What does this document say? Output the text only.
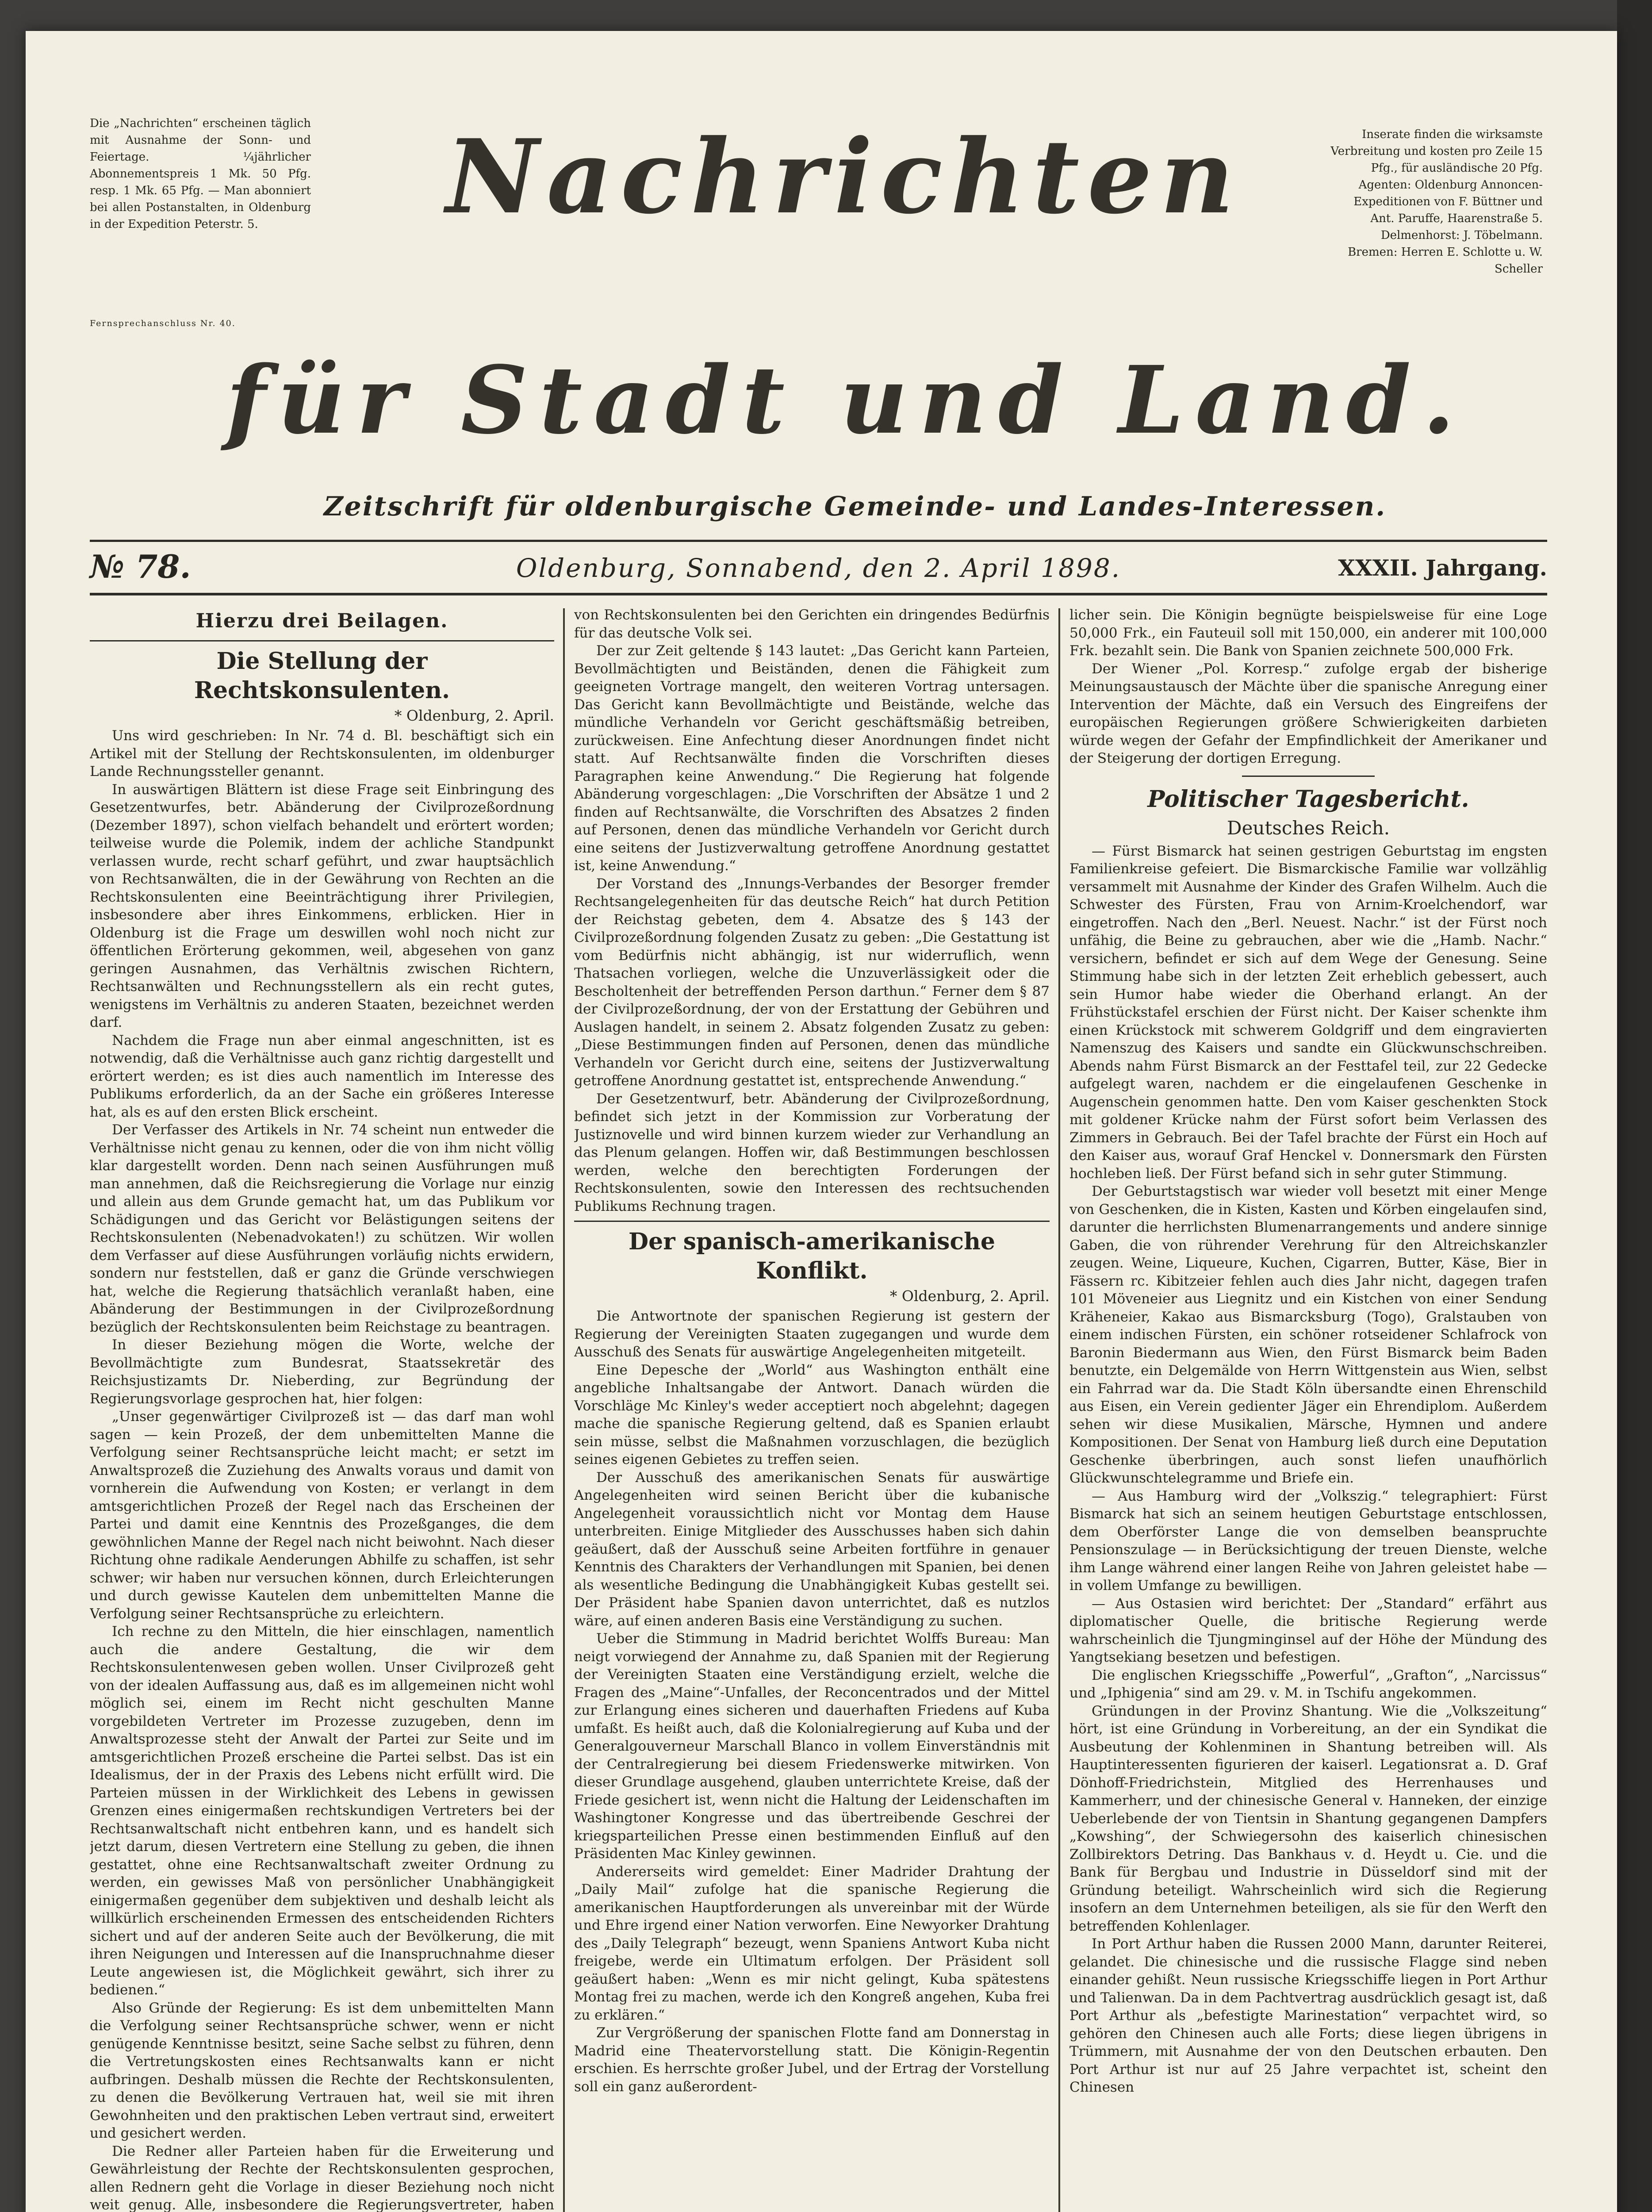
Die „Nachrichten“ erscheinen täglich mit Ausnahme der Sonn- und Feiertage. ¼jährlicher Abonnementspreis 1 Mk. 50 Pfg. resp. 1 Mk. 65 Pfg. — Man abonniert bei allen Postanstalten, in Oldenburg in der Expedition Peterstr. 5.
Fernsprechanschluss Nr. 40.
Inserate finden die wirksamste Verbreitung und kosten pro Zeile 15 Pfg., für ausländische 20 Pfg. Agenten: Oldenburg Annoncen-Expeditionen von F. Büttner und Ant. Paruffe, Haarenstraße 5. Delmenhorst: J. Töbelmann. Bremen: Herren E. Schlotte u. W. Scheller
Nachrichten
für Stadt und Land.
Zeitschrift für oldenburgische Gemeinde- und Landes-Interessen.
№ 78.	Oldenburg, Sonnabend, den 2. April 1898.	XXXII. Jahrgang.
Hierzu drei Beilagen.
Die Stellung der Rechtskonsulenten.
* Oldenburg, 2. April.

Uns wird geschrieben: In Nr. 74 d. Bl. beschäftigt sich ein Artikel mit der Stellung der Rechtskonsulenten, im oldenburger Lande Rechnungssteller genannt.

In auswärtigen Blättern ist diese Frage seit Einbringung des Gesetzentwurfes, betr. Abänderung der Civilprozeßordnung (Dezember 1897), schon vielfach behandelt und erörtert worden; teilweise wurde die Polemik, indem der achliche Standpunkt verlassen wurde, recht scharf geführt, und zwar hauptsächlich von Rechtsanwälten, die in der Gewährung von Rechten an die Rechtskonsulenten eine Beeinträchtigung ihrer Privilegien, insbesondere aber ihres Einkommens, erblicken. Hier in Oldenburg ist die Frage um deswillen wohl noch nicht zur öffentlichen Erörterung gekommen, weil, abgesehen von ganz geringen Ausnahmen, das Verhältnis zwischen Richtern, Rechtsanwälten und Rechnungsstellern als ein recht gutes, wenigstens im Verhältnis zu anderen Staaten, bezeichnet werden darf.

Nachdem die Frage nun aber einmal angeschnitten, ist es notwendig, daß die Verhältnisse auch ganz richtig dargestellt und erörtert werden; es ist dies auch namentlich im Interesse des Publikums erforderlich, da an der Sache ein größeres Interesse hat, als es auf den ersten Blick erscheint.

Der Verfasser des Artikels in Nr. 74 scheint nun entweder die Verhältnisse nicht genau zu kennen, oder die von ihm nicht völlig klar dargestellt worden. Denn nach seinen Ausführungen muß man annehmen, daß die Reichsregierung die Vorlage nur einzig und allein aus dem Grunde gemacht hat, um das Publikum vor Schädigungen und das Gericht vor Belästigungen seitens der Rechtskonsulenten (Nebenadvokaten!) zu schützen. Wir wollen dem Verfasser auf diese Ausführungen vorläufig nichts erwidern, sondern nur feststellen, daß er ganz die Gründe verschwiegen hat, welche die Regierung thatsächlich veranlaßt haben, eine Abänderung der Bestimmungen in der Civilprozeßordnung bezüglich der Rechtskonsulenten beim Reichstage zu beantragen.

In dieser Beziehung mögen die Worte, welche der Bevollmächtigte zum Bundesrat, Staatssekretär des Reichsjustizamts Dr. Nieberding, zur Begründung der Regierungsvorlage gesprochen hat, hier folgen:

„Unser gegenwärtiger Civilprozeß ist — das darf man wohl sagen — kein Prozeß, der dem unbemittelten Manne die Verfolgung seiner Rechtsansprüche leicht macht; er setzt im Anwaltsprozeß die Zuziehung des Anwalts voraus und damit von vornherein die Aufwendung von Kosten; er verlangt in dem amtsgerichtlichen Prozeß der Regel nach das Erscheinen der Partei und damit eine Kenntnis des Prozeßganges, die dem gewöhnlichen Manne der Regel nach nicht beiwohnt. Nach dieser Richtung ohne radikale Aenderungen Abhilfe zu schaffen, ist sehr schwer; wir haben nur versuchen können, durch Erleichterungen und durch gewisse Kautelen dem unbemittelten Manne die Verfolgung seiner Rechtsansprüche zu erleichtern.

Ich rechne zu den Mitteln, die hier einschlagen, namentlich auch die andere Gestaltung, die wir dem Rechtskonsulentenwesen geben wollen. Unser Civilprozeß geht von der idealen Auffassung aus, daß es im allgemeinen nicht wohl möglich sei, einem im Recht nicht geschulten Manne vorgebildeten Vertreter im Prozesse zuzugeben, denn im Anwaltsprozesse steht der Anwalt der Partei zur Seite und im amtsgerichtlichen Prozeß erscheine die Partei selbst. Das ist ein Idealismus, der in der Praxis des Lebens nicht erfüllt wird. Die Parteien müssen in der Wirklichkeit des Lebens in gewissen Grenzen eines einigermaßen rechtskundigen Vertreters bei der Rechtsanwaltschaft nicht entbehren kann, und es handelt sich jetzt darum, diesen Vertretern eine Stellung zu geben, die ihnen gestattet, ohne eine Rechtsanwaltschaft zweiter Ordnung zu werden, ein gewisses Maß von persönlicher Unabhängigkeit einigermaßen gegenüber dem subjektiven und deshalb leicht als willkürlich erscheinenden Ermessen des entscheidenden Richters sichert und auf der anderen Seite auch der Bevölkerung, die mit ihren Neigungen und Interessen auf die Inanspruchnahme dieser Leute angewiesen ist, die Möglichkeit gewährt, sich ihrer zu bedienen.“

Also Gründe der Regierung: Es ist dem unbemittelten Mann die Verfolgung seiner Rechtsansprüche schwer, wenn er nicht genügende Kenntnisse besitzt, seine Sache selbst zu führen, denn die Vertretungskosten eines Rechtsanwalts kann er nicht aufbringen. Deshalb müssen die Rechte der Rechtskonsulenten, zu denen die Bevölkerung Vertrauen hat, weil sie mit ihren Gewohnheiten und den praktischen Leben vertraut sind, erweitert und gesichert werden.

Die Redner aller Parteien haben für die Erweiterung und Gewährleistung der Rechte der Rechtskonsulenten gesprochen, allen Rednern geht die Vorlage in dieser Beziehung noch nicht weit genug. Alle, insbesondere die Regierungsvertreter, haben

von Rechtskonsulenten bei den Gerichten ein dringendes Bedürfnis für das deutsche Volk sei.

Der zur Zeit geltende § 143 lautet: „Das Gericht kann Parteien, Bevollmächtigten und Beiständen, denen die Fähigkeit zum geeigneten Vortrage mangelt, den weiteren Vortrag untersagen. Das Gericht kann Bevollmächtigte und Beistände, welche das mündliche Verhandeln vor Gericht geschäftsmäßig betreiben, zurückweisen. Eine Anfechtung dieser Anordnungen findet nicht statt. Auf Rechtsanwälte finden die Vorschriften dieses Paragraphen keine Anwendung.“ Die Regierung hat folgende Abänderung vorgeschlagen: „Die Vorschriften der Absätze 1 und 2 finden auf Rechtsanwälte, die Vorschriften des Absatzes 2 finden auf Personen, denen das mündliche Verhandeln vor Gericht durch eine seitens der Justizverwaltung getroffene Anordnung gestattet ist, keine Anwendung.“

Der Vorstand des „Innungs-Verbandes der Besorger fremder Rechtsangelegenheiten für das deutsche Reich“ hat durch Petition der Reichstag gebeten, dem 4. Absatze des § 143 der Civilprozeßordnung folgenden Zusatz zu geben: „Die Gestattung ist vom Bedürfnis nicht abhängig, ist nur widerruflich, wenn Thatsachen vorliegen, welche die Unzuverlässigkeit oder die Bescholtenheit der betreffenden Person darthun.“ Ferner dem § 87 der Civilprozeßordnung, der von der Erstattung der Gebühren und Auslagen handelt, in seinem 2. Absatz folgenden Zusatz zu geben: „Diese Bestimmungen finden auf Personen, denen das mündliche Verhandeln vor Gericht durch eine, seitens der Justizverwaltung getroffene Anordnung gestattet ist, entsprechende Anwendung.“

Der Gesetzentwurf, betr. Abänderung der Civilprozeßordnung, befindet sich jetzt in der Kommission zur Vorberatung der Justiznovelle und wird binnen kurzem wieder zur Verhandlung an das Plenum gelangen. Hoffen wir, daß Bestimmungen beschlossen werden, welche den berechtigten Forderungen der Rechtskonsulenten, sowie den Interessen des rechtsuchenden Publikums Rechnung tragen.

Der spanisch-amerikanische Konflikt.
* Oldenburg, 2. April.

Die Antwortnote der spanischen Regierung ist gestern der Regierung der Vereinigten Staaten zugegangen und wurde dem Ausschuß des Senats für auswärtige Angelegenheiten mitgeteilt.

Eine Depesche der „World“ aus Washington enthält eine angebliche Inhaltsangabe der Antwort. Danach würden die Vorschläge Mc Kinley's weder acceptiert noch abgelehnt; dagegen mache die spanische Regierung geltend, daß es Spanien erlaubt sein müsse, selbst die Maßnahmen vorzuschlagen, die bezüglich seines eigenen Gebietes zu treffen seien.

Der Ausschuß des amerikanischen Senats für auswärtige Angelegenheiten wird seinen Bericht über die kubanische Angelegenheit voraussichtlich nicht vor Montag dem Hause unterbreiten. Einige Mitglieder des Ausschusses haben sich dahin geäußert, daß der Ausschuß seine Arbeiten fortführe in genauer Kenntnis des Charakters der Verhandlungen mit Spanien, bei denen als wesentliche Bedingung die Unabhängigkeit Kubas gestellt sei. Der Präsident habe Spanien davon unterrichtet, daß es nutzlos wäre, auf einen anderen Basis eine Verständigung zu suchen.

Ueber die Stimmung in Madrid berichtet Wolffs Bureau: Man neigt vorwiegend der Annahme zu, daß Spanien mit der Regierung der Vereinigten Staaten eine Verständigung erzielt, welche die Fragen des „Maine“-Unfalles, der Reconcentrados und der Mittel zur Erlangung eines sicheren und dauerhaften Friedens auf Kuba umfaßt. Es heißt auch, daß die Kolonialregierung auf Kuba und der Generalgouverneur Marschall Blanco in vollem Einverständnis mit der Centralregierung bei diesem Friedenswerke mitwirken. Von dieser Grundlage ausgehend, glauben unterrichtete Kreise, daß der Friede gesichert ist, wenn nicht die Haltung der Leidenschaften im Washingtoner Kongresse und das übertreibende Geschrei der kriegsparteilichen Presse einen bestimmenden Einfluß auf den Präsidenten Mac Kinley gewinnen.

Andererseits wird gemeldet: Einer Madrider Drahtung der „Daily Mail“ zufolge hat die spanische Regierung die amerikanischen Hauptforderungen als unvereinbar mit der Würde und Ehre irgend einer Nation verworfen. Eine Newyorker Drahtung des „Daily Telegraph“ bezeugt, wenn Spaniens Antwort Kuba nicht freigebe, werde ein Ultimatum erfolgen. Der Präsident soll geäußert haben: „Wenn es mir nicht gelingt, Kuba spätestens Montag frei zu machen, werde ich den Kongreß angehen, Kuba frei zu erklären.“

Zur Vergrößerung der spanischen Flotte fand am Donnerstag in Madrid eine Theatervorstellung statt. Die Königin-Regentin erschien. Es herrschte großer Jubel, und der Ertrag der Vorstellung soll ein ganz außerordent-

licher sein. Die Königin begnügte beispielsweise für eine Loge 50,000 Frk., ein Fauteuil soll mit 150,000, ein anderer mit 100,000 Frk. bezahlt sein. Die Bank von Spanien zeichnete 500,000 Frk.

Der Wiener „Pol. Korresp.“ zufolge ergab der bisherige Meinungsaustausch der Mächte über die spanische Anregung einer Intervention der Mächte, daß ein Versuch des Eingreifens der europäischen Regierungen größere Schwierigkeiten darbieten würde wegen der Gefahr der Empfindlichkeit der Amerikaner und der Steigerung der dortigen Erregung.

Politischer Tagesbericht.
Deutsches Reich.

— Fürst Bismarck hat seinen gestrigen Geburtstag im engsten Familienkreise gefeiert. Die Bismarckische Familie war vollzählig versammelt mit Ausnahme der Kinder des Grafen Wilhelm. Auch die Schwester des Fürsten, Frau von Arnim-Kroelchendorf, war eingetroffen. Nach den „Berl. Neuest. Nachr.“ ist der Fürst noch unfähig, die Beine zu gebrauchen, aber wie die „Hamb. Nachr.“ versichern, befindet er sich auf dem Wege der Genesung. Seine Stimmung habe sich in der letzten Zeit erheblich gebessert, auch sein Humor habe wieder die Oberhand erlangt. An der Frühstückstafel erschien der Fürst nicht. Der Kaiser schenkte ihm einen Krückstock mit schwerem Goldgriff und dem eingravierten Namenszug des Kaisers und sandte ein Glückwunschschreiben. Abends nahm Fürst Bismarck an der Festtafel teil, zur 22 Gedecke aufgelegt waren, nachdem er die eingelaufenen Geschenke in Augenschein genommen hatte. Den vom Kaiser geschenkten Stock mit goldener Krücke nahm der Fürst sofort beim Verlassen des Zimmers in Gebrauch. Bei der Tafel brachte der Fürst ein Hoch auf den Kaiser aus, worauf Graf Henckel v. Donnersmark den Fürsten hochleben ließ. Der Fürst befand sich in sehr guter Stimmung.

Der Geburtstagstisch war wieder voll besetzt mit einer Menge von Geschenken, die in Kisten, Kasten und Körben eingelaufen sind, darunter die herrlichsten Blumenarrangements und andere sinnige Gaben, die von rührender Verehrung für den Altreichskanzler zeugen. Weine, Liqueure, Kuchen, Cigarren, Butter, Käse, Bier in Fässern rc. Kibitzeier fehlen auch dies Jahr nicht, dagegen trafen 101 Möveneier aus Liegnitz und ein Kistchen von einer Sendung Kräheneier, Kakao aus Bismarcksburg (Togo), Gralstauben von einem indischen Fürsten, ein schöner rotseidener Schlafrock von Baronin Biedermann aus Wien, den Fürst Bismarck beim Baden benutzte, ein Delgemälde von Herrn Wittgenstein aus Wien, selbst ein Fahrrad war da. Die Stadt Köln übersandte einen Ehrenschild aus Eisen, ein Verein gedienter Jäger ein Ehrendiplom. Außerdem sehen wir diese Musikalien, Märsche, Hymnen und andere Kompositionen. Der Senat von Hamburg ließ durch eine Deputation Geschenke überbringen, auch sonst liefen unaufhörlich Glückwunschtelegramme und Briefe ein.

— Aus Hamburg wird der „Volkszig.“ telegraphiert: Fürst Bismarck hat sich an seinem heutigen Geburtstage entschlossen, dem Oberförster Lange die von demselben beanspruchte Pensionszulage — in Berücksichtigung der treuen Dienste, welche ihm Lange während einer langen Reihe von Jahren geleistet habe — in vollem Umfange zu bewilligen.

— Aus Ostasien wird berichtet: Der „Standard“ erfährt aus diplomatischer Quelle, die britische Regierung werde wahrscheinlich die Tjungminginsel auf der Höhe der Mündung des Yangtsekiang besetzen und befestigen.

Die englischen Kriegsschiffe „Powerful“, „Grafton“, „Narcissus“ und „Iphigenia“ sind am 29. v. M. in Tschifu angekommen.

Gründungen in der Provinz Shantung. Wie die „Volkszeitung“ hört, ist eine Gründung in Vorbereitung, an der ein Syndikat die Ausbeutung der Kohlenminen in Shantung betreiben will. Als Hauptinteressenten figurieren der kaiserl. Legationsrat a. D. Graf Dönhoff-Friedrichstein, Mitglied des Herrenhauses und Kammerherr, und der chinesische General v. Hanneken, der einzige Ueberlebende der von Tientsin in Shantung gegangenen Dampfers „Kowshing“, der Schwiegersohn des kaiserlich chinesischen Zollbirektors Detring. Das Bankhaus v. d. Heydt u. Cie. und die Bank für Bergbau und Industrie in Düsseldorf sind mit der Gründung beteiligt. Wahrscheinlich wird sich die Regierung insofern an dem Unternehmen beteiligen, als sie für den Werft den betreffenden Kohlenlager.

In Port Arthur haben die Russen 2000 Mann, darunter Reiterei, gelandet. Die chinesische und die russische Flagge sind neben einander gehißt. Neun russische Kriegsschiffe liegen in Port Arthur und Talienwan. Da in dem Pachtvertrag ausdrücklich gesagt ist, daß Port Arthur als „befestigte Marinestation“ verpachtet wird, so gehören den Chinesen auch alle Forts; diese liegen übrigens in Trümmern, mit Ausnahme der von den Deutschen erbauten. Den Port Arthur ist nur auf 25 Jahre verpachtet ist, scheint den Chinesen
